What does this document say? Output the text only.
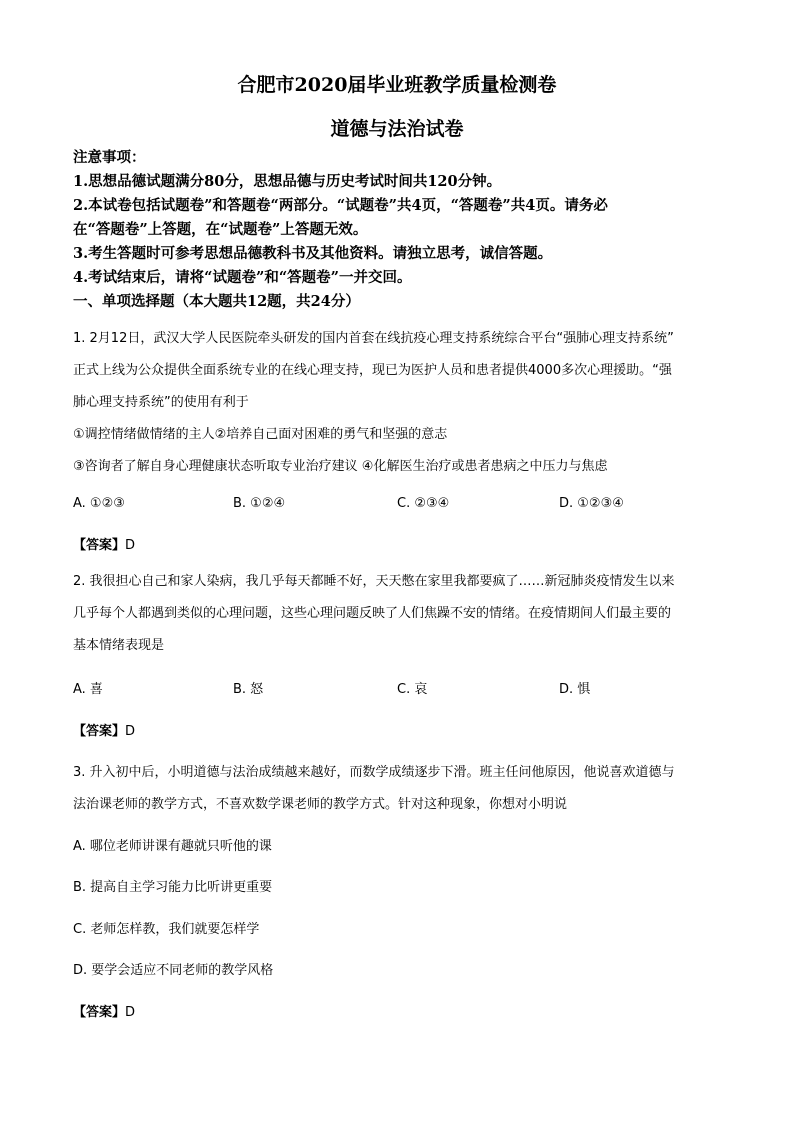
合肥市2020届毕业班教学质量检测卷
道德与法治试卷
注意事项：
1.思想品德试题满分80分，思想品德与历史考试时间共120分钟。
2.本试卷包括试题卷”和答题卷“两部分。“试题卷”共4页，“答题卷”共4页。请务必
在“答题卷”上答题，在“试题卷”上答题无效。
3.考生答题时可参考思想品德教科书及其他资料。请独立思考，诚信答题。
4.考试结束后，请将“试题卷”和“答题卷”一并交回。
一、单项选择题（本大题共12题，共24分）
1. 2月12日，武汉大学人民医院牵头研发的国内首套在线抗疫心理支持系统综合平台“强肺心理支持系统”
正式上线为公众提供全面系统专业的在线心理支持，现已为医护人员和患者提供4000多次心理援助。“强
肺心理支持系统”的使用有利于
①调控情绪做情绪的主人②培养自己面对困难的勇气和坚强的意志
③咨询者了解自身心理健康状态听取专业治疗建议 ④化解医生治疗或患者患病之中压力与焦虑
A. ①②③	B. ①②④	C. ②③④	D. ①②③④
【答案】D
2. 我很担心自己和家人染病，我几乎每天都睡不好，天天憋在家里我都要疯了……新冠肺炎疫情发生以来
几乎每个人都遇到类似的心理问题，这些心理问题反映了人们焦躁不安的情绪。在疫情期间人们最主要的
基本情绪表现是
A. 喜	B. 怒	C. 哀	D. 惧
【答案】D
3. 升入初中后，小明道德与法治成绩越来越好，而数学成绩逐步下滑。班主任问他原因，他说喜欢道德与
法治课老师的教学方式，不喜欢数学课老师的教学方式。针对这种现象，你想对小明说
A. 哪位老师讲课有趣就只听他的课
B. 提高自主学习能力比听讲更重要
C. 老师怎样教，我们就要怎样学
D. 要学会适应不同老师的教学风格
【答案】D
